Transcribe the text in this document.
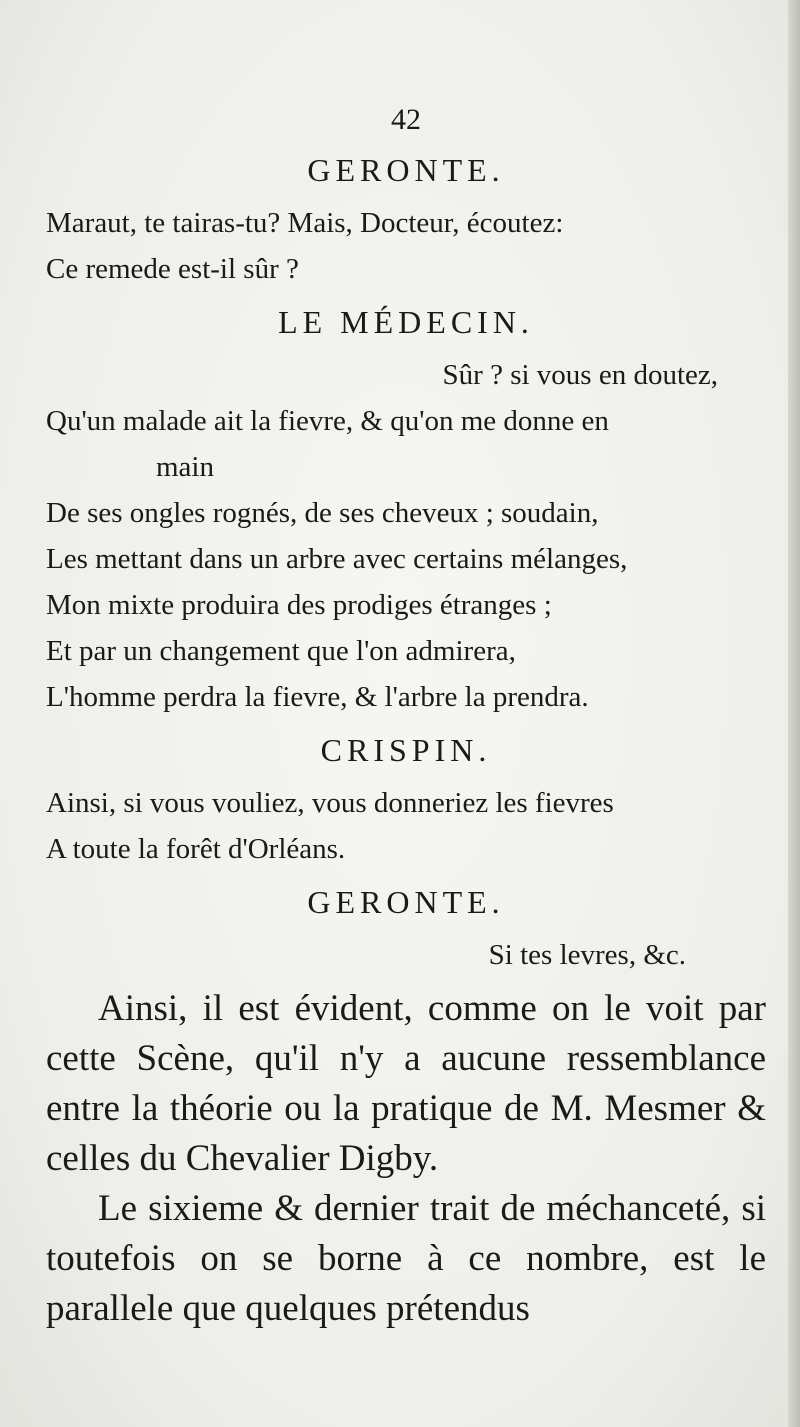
42
GERONTE.
Maraut, te tairas-tu? Mais, Docteur, écoutez:
Ce remede est-il sûr ?
LE MÉDECIN.
Sûr ? si vous en doutez,
Qu'un malade ait la fievre, & qu'on me donne en
main
De ses ongles rognés, de ses cheveux ; soudain,
Les mettant dans un arbre avec certains mélanges,
Mon mixte produira des prodiges étranges ;
Et par un changement que l'on admirera,
L'homme perdra la fievre, & l'arbre la prendra.
CRISPIN.
Ainsi, si vous vouliez, vous donneriez les fievres
A toute la forêt d'Orléans.
GERONTE.
Si tes levres, &c.

Ainsi, il est évident, comme on le voit par cette Scène, qu'il n'y a aucune ressemblance entre la théorie ou la pratique de M. Mesmer & celles du Chevalier Digby.

Le sixieme & dernier trait de méchanceté, si toutefois on se borne à ce nombre, est le parallele que quelques prétendus
